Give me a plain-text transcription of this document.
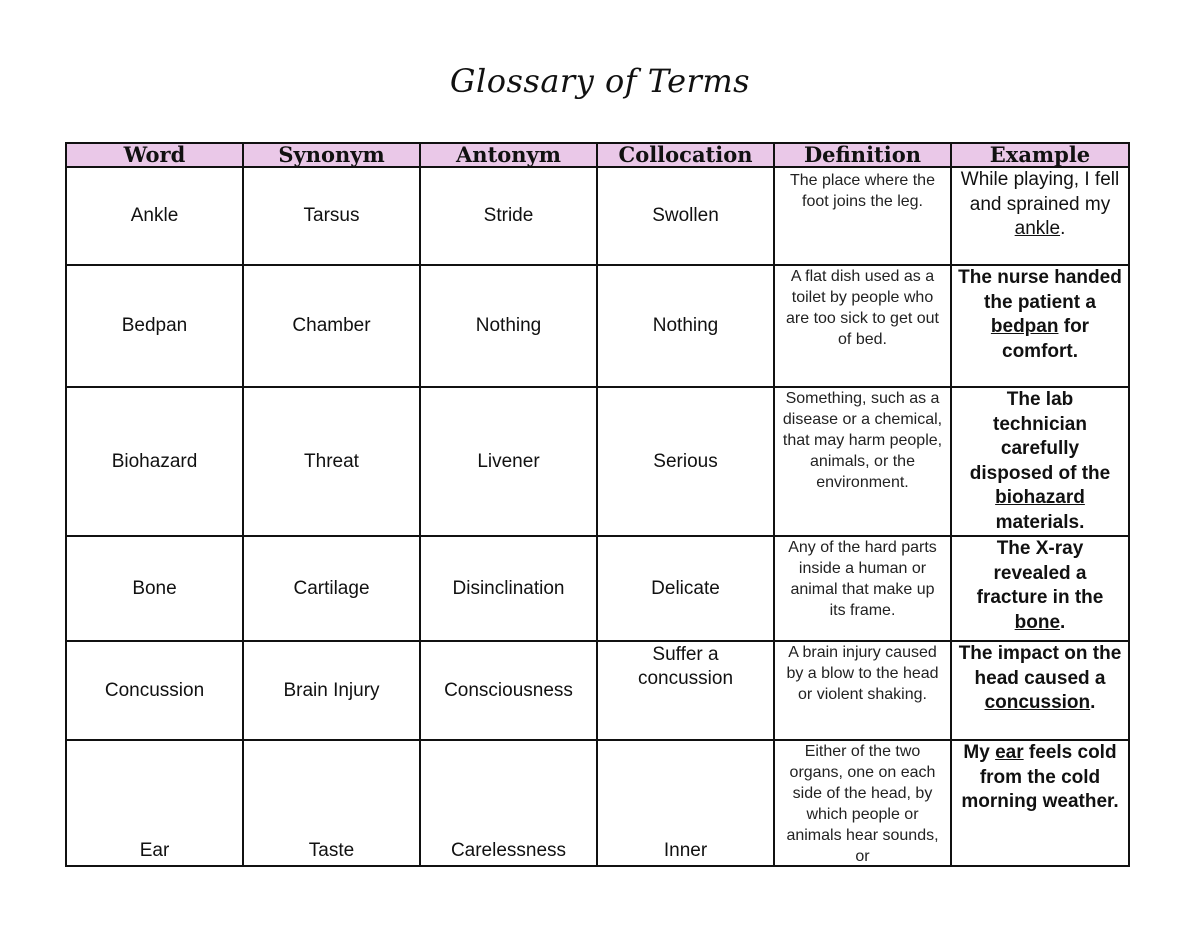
Glossary of Terms
Word	Synonym	Antonym	Collocation	Definition	Example
Ankle	Tarsus	Stride	Swollen	The place where the foot joins the leg.	While playing, I fell and sprained my ankle.
Bedpan	Chamber	Nothing	Nothing	A flat dish used as a toilet by people who are too sick to get out of bed.	The nurse handed the patient a bedpan for comfort.
Biohazard	Threat	Livener	Serious	Something, such as a disease or a chemical, that may harm people, animals, or the environment.	The lab technician carefully disposed of the biohazard materials.
Bone	Cartilage	Disinclination	Delicate	Any of the hard parts inside a human or animal that make up its frame.	The X-ray revealed a fracture in the bone.
Concussion	Brain Injury	Consciousness	Suffer a concussion	A brain injury caused by a blow to the head or violent shaking.	The impact on the head caused a concussion.
Ear	Taste	Carelessness	Inner	Either of the two organs, one on each side of the head, by which people or animals hear sounds, or	My ear feels cold from the cold morning weather.
